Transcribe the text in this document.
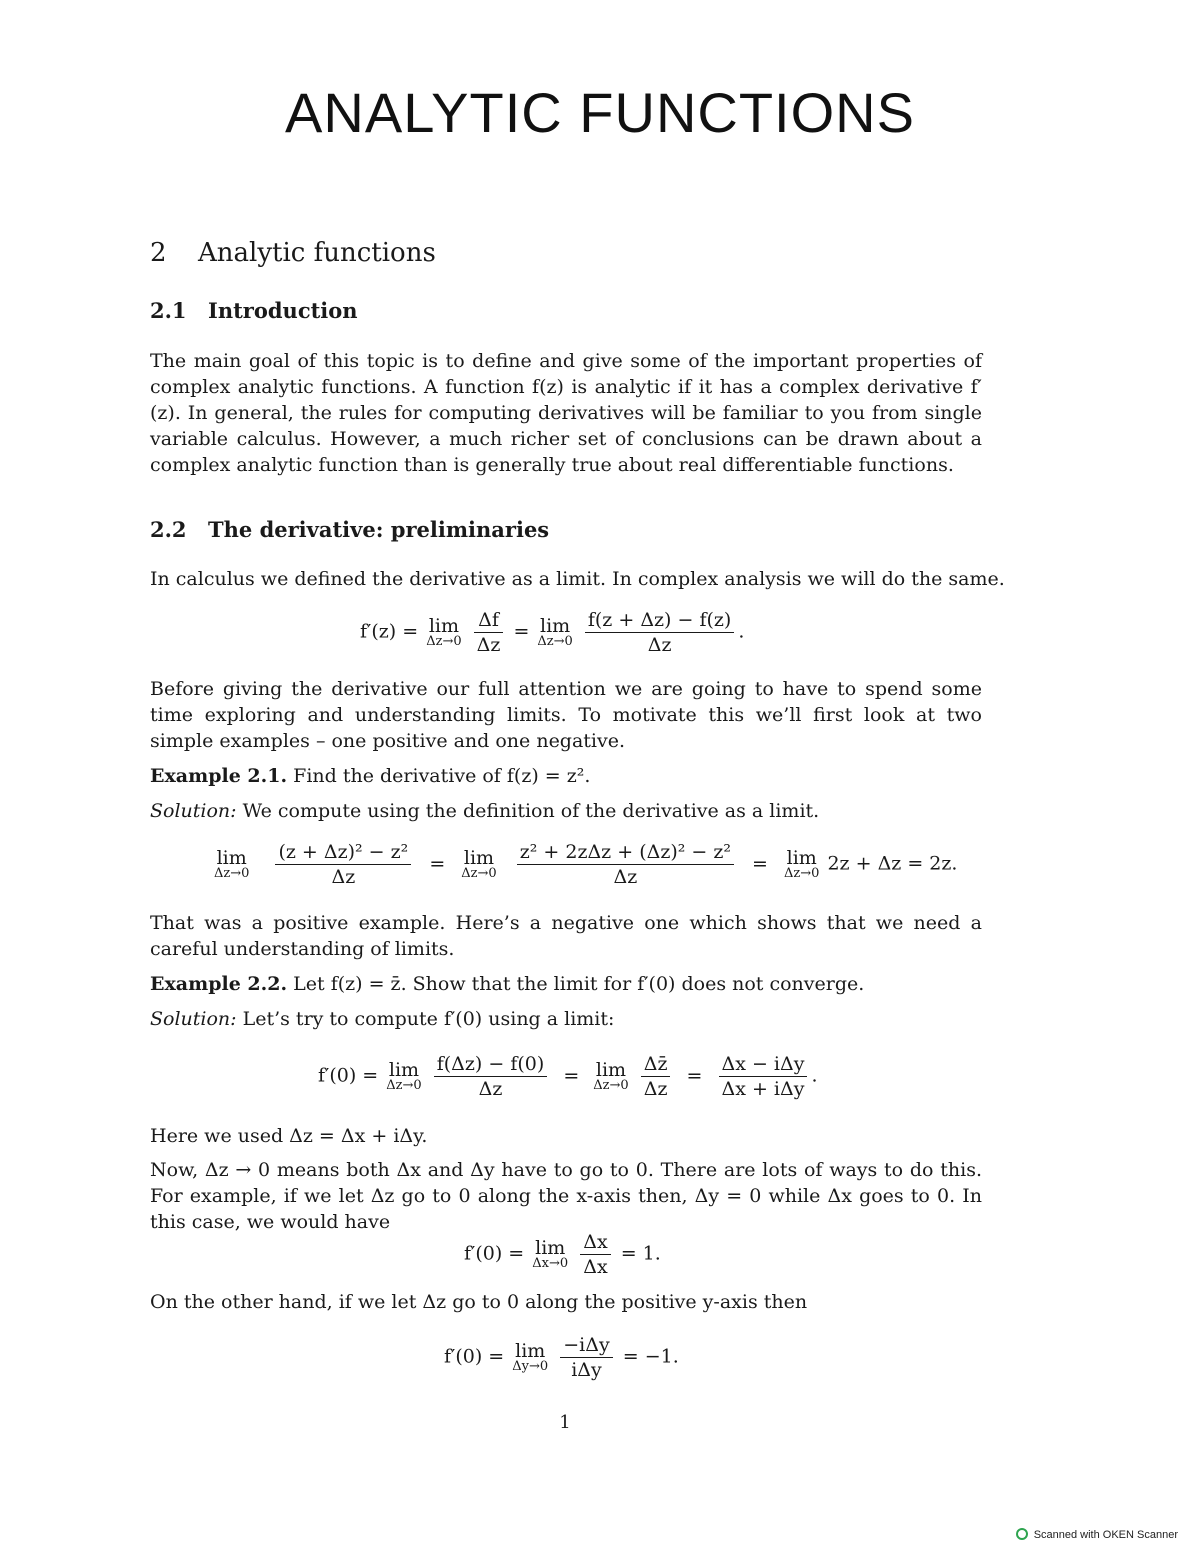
ANALYTIC FUNCTIONS
2 Analytic functions
2.1 Introduction
The main goal of this topic is to define and give some of the important properties of complex analytic functions. A function f(z) is analytic if it has a complex derivative f′(z). In general, the rules for computing derivatives will be familiar to you from single variable calculus. However, a much richer set of conclusions can be drawn about a complex analytic function than is generally true about real differentiable functions.
2.2 The derivative: preliminaries
In calculus we defined the derivative as a limit. In complex analysis we will do the same.
f′(z) = lim
Δz→0
$\frac{\Delta f}{\Delta z} = \lim$
Δz→0
$\frac{f(z + \Delta z) - f(z)}{\Delta z}$ .
Before giving the derivative our full attention we are going to have to spend some time exploring and understanding limits. To motivate this we’ll first look at two simple examples – one positive and one negative.
Example 2.1. Find the derivative of f(z) = z².
Solution: We compute using the definition of the derivative as a limit.
lim
Δz→0
$\frac{\text{(z + Δz)² − z²}}{\Delta z} = \lim$
Δz→0
$\frac{\text{z² + 2zΔz + (Δz)² − z²}}{\Delta z} = \lim$
Δz→0 2z + Δz = 2z.
That was a positive example. Here’s a negative one which shows that we need a careful understanding of limits.
Example 2.2. Let f(z) = z̄. Show that the limit for f′(0) does not converge.
Solution: Let’s try to compute f′(0) using a limit:
f′(0) = lim
Δz→0
$\frac{f(\Delta z) - f(0)}{\Delta z} = \lim$
Δz→0
$\frac{\Delta z̄}{\Delta z} = \frac{\text{Δx − iΔy}}{\text{Δx + iΔy}}$ .
Here we used Δz = Δx + iΔy.
Now, Δz → 0 means both Δx and Δy have to go to 0. There are lots of ways to do this. For example, if we let Δz go to 0 along the x-axis then, Δy = 0 while Δx goes to 0. In this case, we would have
f′(0) = lim
Δx→0
$\frac{\Delta x}{\Delta x} = 1$.
On the other hand, if we let Δz go to 0 along the positive y-axis then
f′(0) = lim
Δy→0
$\frac{\text{−iΔy}}{\text{iΔy}} = -1$.
1
Scanned with OKEN Scanner
